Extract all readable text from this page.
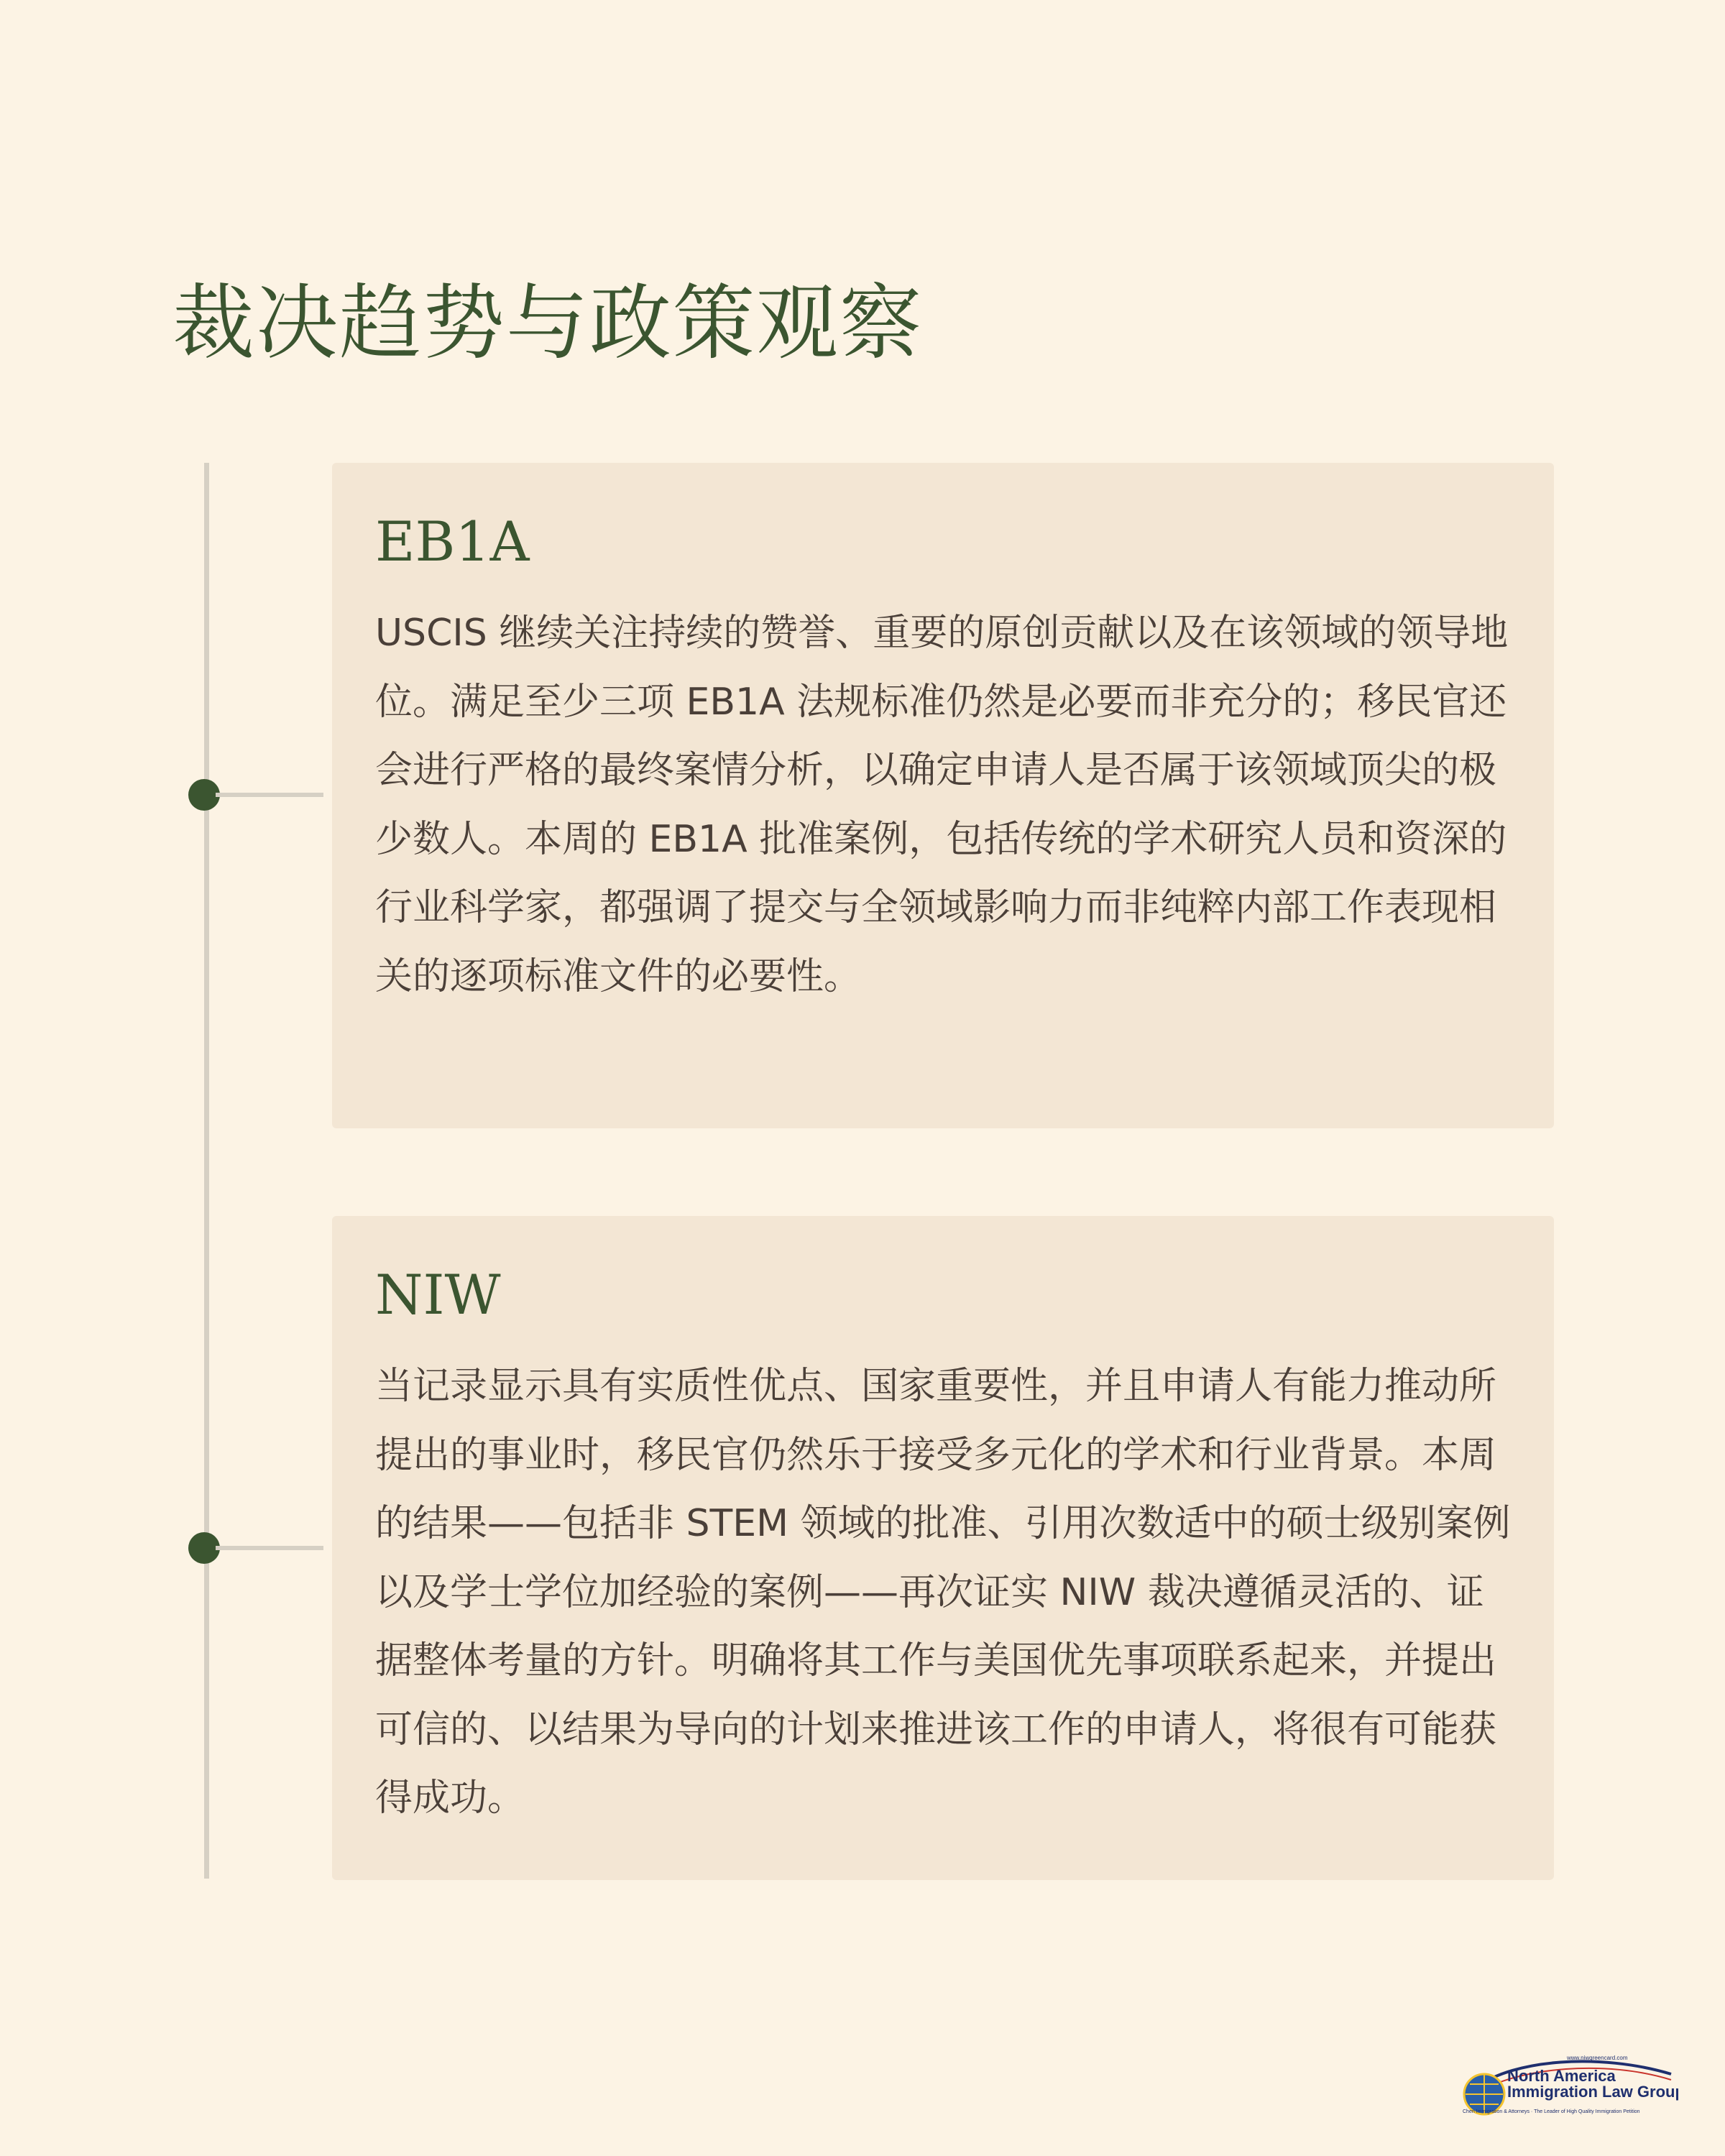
裁决趋势与政策观察
EB1A

USCIS 继续关注持续的赞誉、重要的原创贡献以及在该领域的领导地位。满足至少三项 EB1A 法规标准仍然是必要而非充分的；移民官还会进行严格的最终案情分析，以确定申请人是否属于该领域顶尖的极少数人。本周的 EB1A 批准案例，包括传统的学术研究人员和资深的行业科学家，都强调了提交与全领域影响力而非纯粹内部工作表现相关的逐项标准文件的必要性。

NIW

当记录显示具有实质性优点、国家重要性，并且申请人有能力推动所提出的事业时，移民官仍然乐于接受多元化的学术和行业背景。本周的结果——包括非 STEM 领域的批准、引用次数适中的硕士级别案例以及学士学位加经验的案例——再次证实 NIW 裁决遵循灵活的、证据整体考量的方针。明确将其工作与美国优先事项联系起来，并提出可信的、以结果为导向的计划来推进该工作的申请人，将很有可能获得成功。

www.niwgreencard.com
North America
Immigration Law Group
Chen Immigration & Attorneys · The Leader of High Quality Immigration Petition
